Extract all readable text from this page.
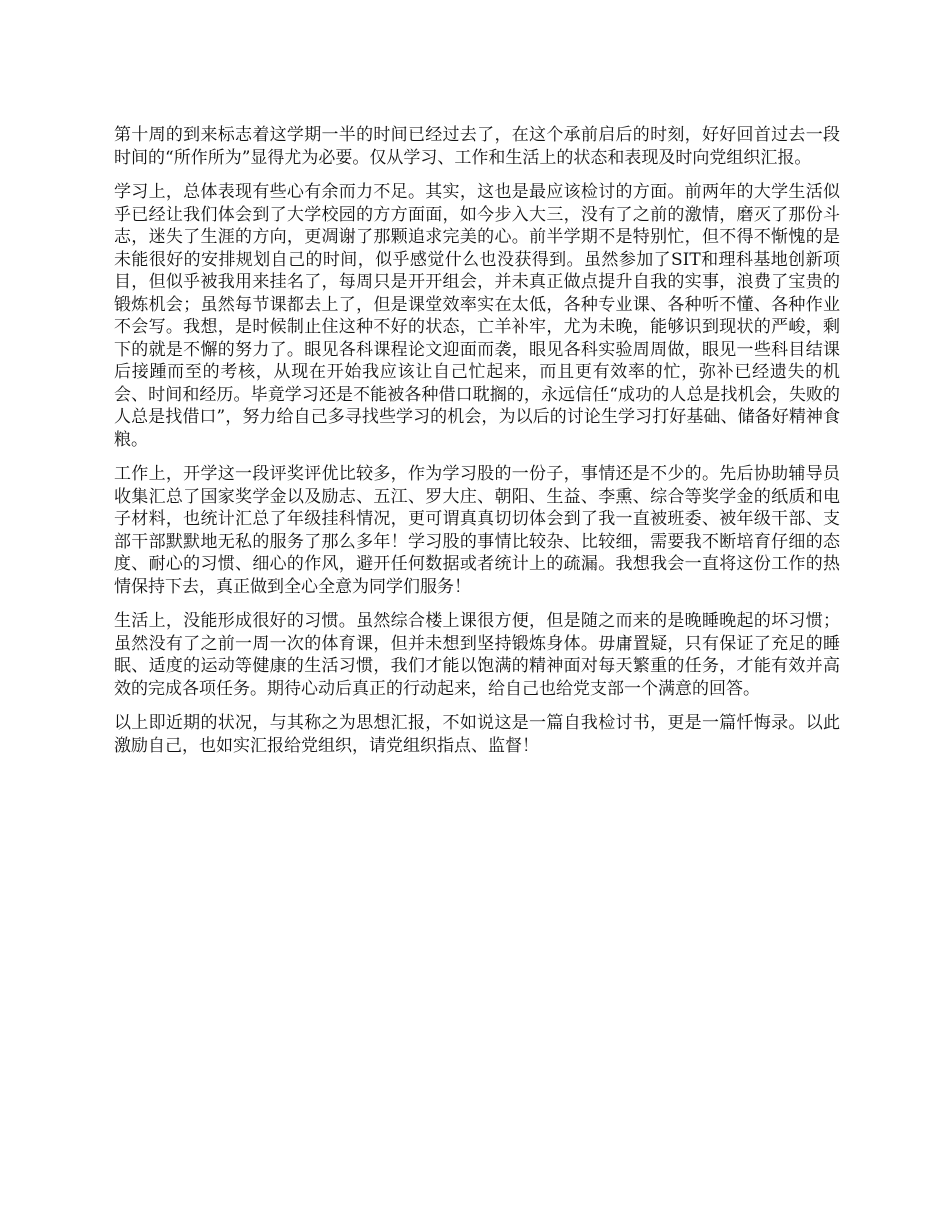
第十周的到来标志着这学期一半的时间已经过去了，在这个承前启后的时刻，好好回首过去一段时间的“所作所为”显得尤为必要。仅从学习、工作和生活上的状态和表现及时向党组织汇报。

学习上，总体表现有些心有余而力不足。其实，这也是最应该检讨的方面。前两年的大学生活似乎已经让我们体会到了大学校园的方方面面，如今步入大三，没有了之前的激情，磨灭了那份斗志，迷失了生涯的方向，更凋谢了那颗追求完美的心。前半学期不是特别忙，但不得不惭愧的是未能很好的安排规划自己的时间，似乎感觉什么也没获得到。虽然参加了SIT和理科基地创新项目，但似乎被我用来挂名了，每周只是开开组会，并未真正做点提升自我的实事，浪费了宝贵的锻炼机会；虽然每节课都去上了，但是课堂效率实在太低，各种专业课、各种听不懂、各种作业不会写。我想，是时候制止住这种不好的状态，亡羊补牢，尤为未晚，能够识到现状的严峻，剩下的就是不懈的努力了。眼见各科课程论文迎面而袭，眼见各科实验周周做，眼见一些科目结课后接踵而至的考核，从现在开始我应该让自己忙起来，而且更有效率的忙，弥补已经遗失的机会、时间和经历。毕竟学习还是不能被各种借口耽搁的，永远信任“成功的人总是找机会，失败的人总是找借口”，努力给自己多寻找些学习的机会，为以后的讨论生学习打好基础、储备好精神食粮。

工作上，开学这一段评奖评优比较多，作为学习股的一份子，事情还是不少的。先后协助辅导员收集汇总了国家奖学金以及励志、五江、罗大庄、朝阳、生益、李熏、综合等奖学金的纸质和电子材料，也统计汇总了年级挂科情况，更可谓真真切切体会到了我一直被班委、被年级干部、支部干部默默地无私的服务了那么多年！学习股的事情比较杂、比较细，需要我不断培育仔细的态度、耐心的习惯、细心的作风，避开任何数据或者统计上的疏漏。我想我会一直将这份工作的热情保持下去，真正做到全心全意为同学们服务！

生活上，没能形成很好的习惯。虽然综合楼上课很方便，但是随之而来的是晚睡晚起的坏习惯；虽然没有了之前一周一次的体育课，但并未想到坚持锻炼身体。毋庸置疑，只有保证了充足的睡眠、适度的运动等健康的生活习惯，我们才能以饱满的精神面对每天繁重的任务，才能有效并高效的完成各项任务。期待心动后真正的行动起来，给自己也给党支部一个满意的回答。

以上即近期的状况，与其称之为思想汇报，不如说这是一篇自我检讨书，更是一篇忏悔录。以此激励自己，也如实汇报给党组织，请党组织指点、监督！
